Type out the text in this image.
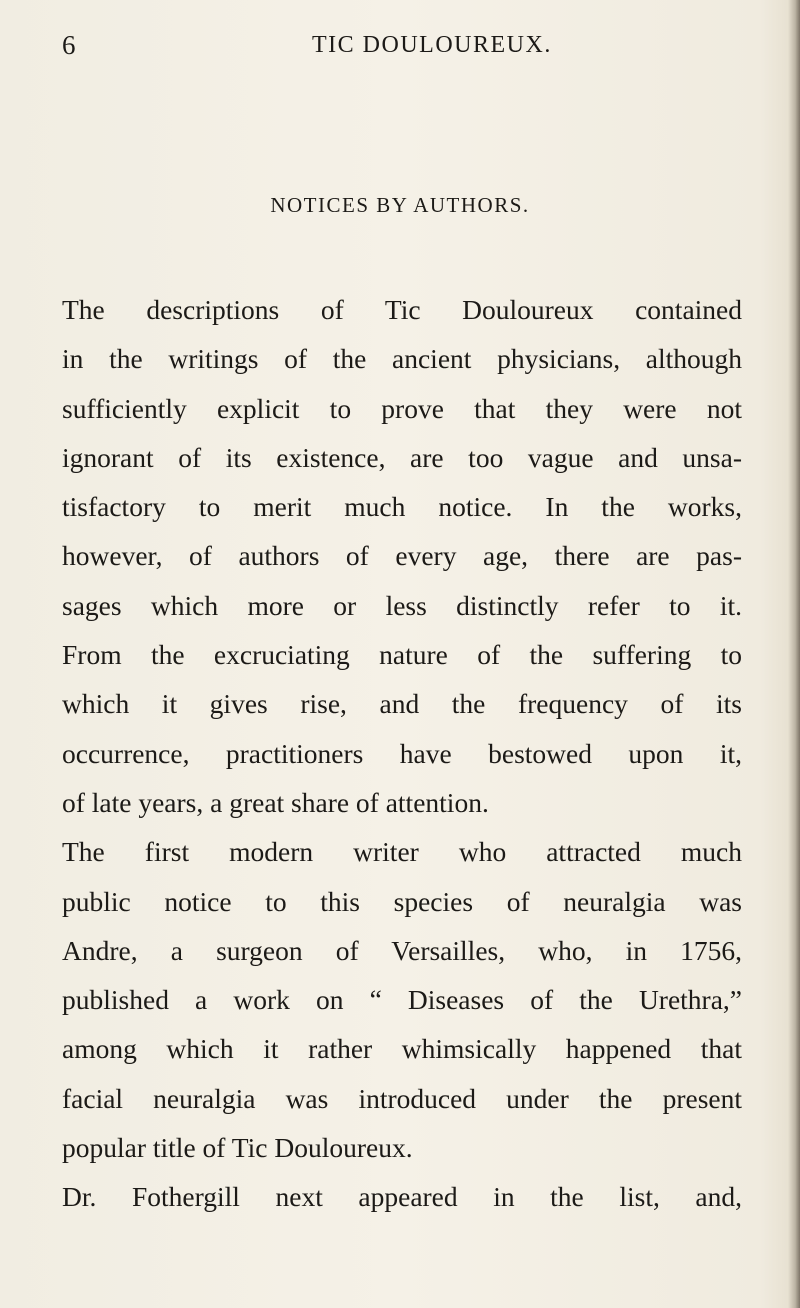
6	TIC DOULOUREUX.
NOTICES BY AUTHORS.

The descriptions of Tic Douloureux contained
in the writings of the ancient physicians, although
sufficiently explicit to prove that they were not
ignorant of its existence, are too vague and unsa-
tisfactory to merit much notice. In the works,
however, of authors of every age, there are pas-
sages which more or less distinctly refer to it.
From the excruciating nature of the suffering to
which it gives rise, and the frequency of its
occurrence, practitioners have bestowed upon it,
of late years, a great share of attention.

The first modern writer who attracted much
public notice to this species of neuralgia was
Andre, a surgeon of Versailles, who, in 1756,
published a work on “ Diseases of the Urethra,”
among which it rather whimsically happened that
facial neuralgia was introduced under the present
popular title of Tic Douloureux.

Dr. Fothergill next appeared in the list, and,
